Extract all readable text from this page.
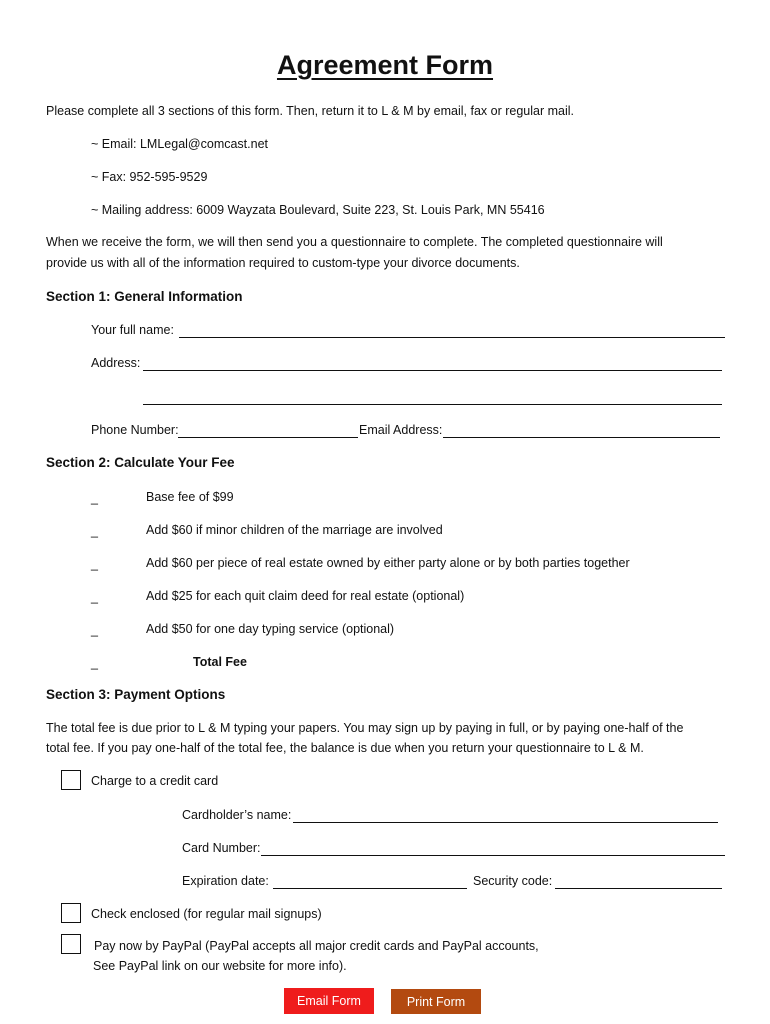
Agreement Form
Please complete all 3 sections of this form. Then, return it to L & M by email, fax or regular mail.
~ Email: LMLegal@comcast.net
~ Fax: 952-595-9529
~ Mailing address: 6009 Wayzata Boulevard, Suite 223, St. Louis Park, MN 55416
When we receive the form, we will then send you a questionnaire to complete. The completed questionnaire will
provide us with all of the information required to custom-type your divorce documents.
Section 1: General Information
Your full name:
Address:
Phone Number:	Email Address:
Section 2: Calculate Your Fee
_	Base fee of $99
_	Add $60 if minor children of the marriage are involved
_	Add $60 per piece of real estate owned by either party alone or by both parties together
_	Add $25 for each quit claim deed for real estate (optional)
_	Add $50 for one day typing service (optional)
_	Total Fee
Section 3: Payment Options
The total fee is due prior to L & M typing your papers. You may sign up by paying in full, or by paying one-half of the
total fee. If you pay one-half of the total fee, the balance is due when you return your questionnaire to L & M.
Charge to a credit card
Cardholder’s name:
Card Number:
Expiration date:	Security code:
Check enclosed (for regular mail signups)
Pay now by PayPal (PayPal accepts all major credit cards and PayPal accounts,
See PayPal link on our website for more info).
Email Form	Print Form
